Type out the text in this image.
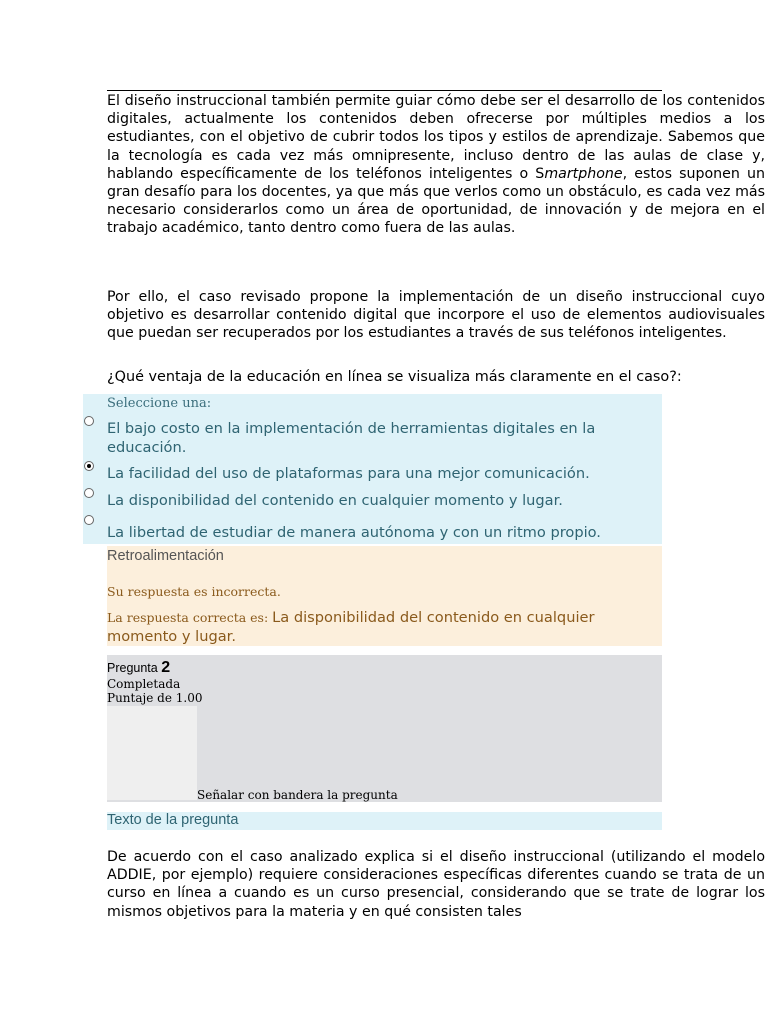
El diseño instruccional también permite guiar cómo debe ser el desarrollo de los contenidos digitales, actualmente los contenidos deben ofrecerse por múltiples medios a los estudiantes, con el objetivo de cubrir todos los tipos y estilos de aprendizaje. Sabemos que la tecnología es cada vez más omnipresente, incluso dentro de las aulas de clase y, hablando específicamente de los teléfonos inteligentes o Smartphone, estos suponen un gran desafío para los docentes, ya que más que verlos como un obstáculo, es cada vez más necesario considerarlos como un área de oportunidad, de innovación y de mejora en el trabajo académico, tanto dentro como fuera de las aulas.

Por ello, el caso revisado propone la implementación de un diseño instruccional cuyo objetivo es desarrollar contenido digital que incorpore el uso de elementos audiovisuales que puedan ser recuperados por los estudiantes a través de sus teléfonos inteligentes.

¿Qué ventaja de la educación en línea se visualiza más claramente en el caso?:
Seleccione una:
El bajo costo en la implementación de herramientas digitales en la educación.
La facilidad del uso de plataformas para una mejor comunicación.
La disponibilidad del contenido en cualquier momento y lugar.
La libertad de estudiar de manera autónoma y con un ritmo propio.
Retroalimentación
Su respuesta es incorrecta.
La respuesta correcta es: La disponibilidad del contenido en cualquier momento y lugar.
Pregunta 2
Completada
Puntaje de 1.00
Señalar con bandera la pregunta
Texto de la pregunta

De acuerdo con el caso analizado explica si el diseño instruccional (utilizando el modelo ADDIE, por ejemplo) requiere consideraciones específicas diferentes cuando se trata de un curso en línea a cuando es un curso presencial, considerando que se trate de lograr los mismos objetivos para la materia y en qué consisten tales
